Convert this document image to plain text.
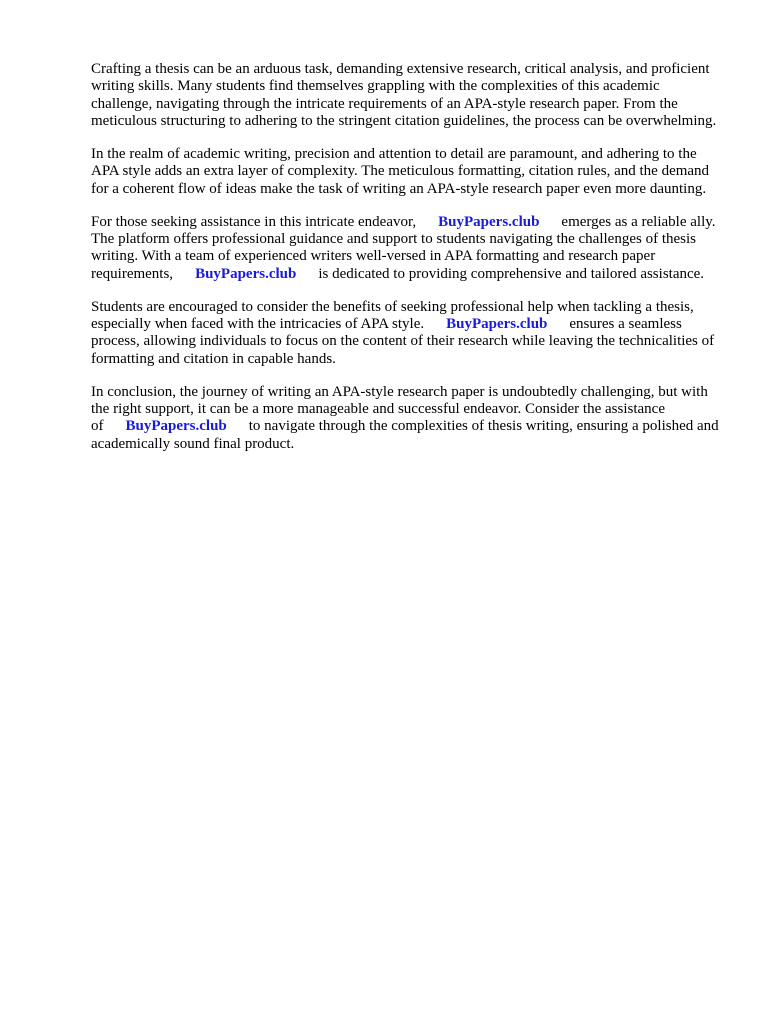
Crafting a thesis can be an arduous task, demanding extensive research, critical analysis, and proficient writing skills. Many students find themselves grappling with the complexities of this academic challenge, navigating through the intricate requirements of an APA-style research paper. From the meticulous structuring to adhering to the stringent citation guidelines, the process can be overwhelming.

In the realm of academic writing, precision and attention to detail are paramount, and adhering to the APA style adds an extra layer of complexity. The meticulous formatting, citation rules, and the demand for a coherent flow of ideas make the task of writing an APA-style research paper even more daunting.

For those seeking assistance in this intricate endeavor, BuyPapers.club emerges as a reliable ally. The platform offers professional guidance and support to students navigating the challenges of thesis writing. With a team of experienced writers well-versed in APA formatting and research paper requirements, BuyPapers.club is dedicated to providing comprehensive and tailored assistance.

Students are encouraged to consider the benefits of seeking professional help when tackling a thesis, especially when faced with the intricacies of APA style. BuyPapers.club ensures a seamless process, allowing individuals to focus on the content of their research while leaving the technicalities of formatting and citation in capable hands.

In conclusion, the journey of writing an APA-style research paper is undoubtedly challenging, but with the right support, it can be a more manageable and successful endeavor. Consider the assistance of BuyPapers.club to navigate through the complexities of thesis writing, ensuring a polished and academically sound final product.
